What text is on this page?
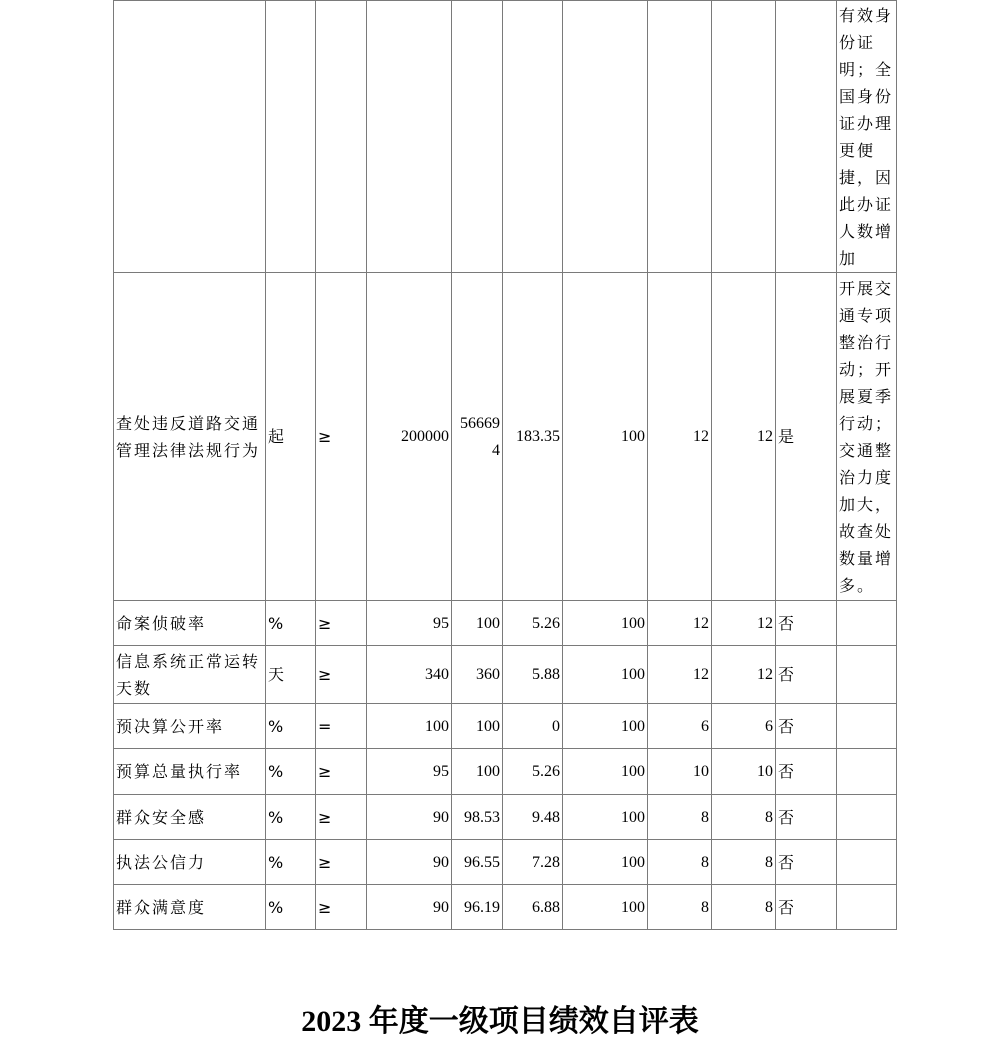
										有效身份证明；全国身份证办理更便捷，因此办证人数增加
查处违反道路交通管理法律法规行为	起	≥	200000	566694	183.35	100	12	12	是	开展交通专项整治行动；开展夏季行动；交通整治力度加大，故查处数量增多。
命案侦破率	%	≥	95	100	5.26	100	12	12	否	
信息系统正常运转天数	天	≥	340	360	5.88	100	12	12	否	
预决算公开率	%	=	100	100	0	100	6	6	否	
预算总量执行率	%	≥	95	100	5.26	100	10	10	否	
群众安全感	%	≥	90	98.53	9.48	100	8	8	否	
执法公信力	%	≥	90	96.55	7.28	100	8	8	否	
群众满意度	%	≥	90	96.19	6.88	100	8	8	否	
2023 年度一级项目绩效自评表
